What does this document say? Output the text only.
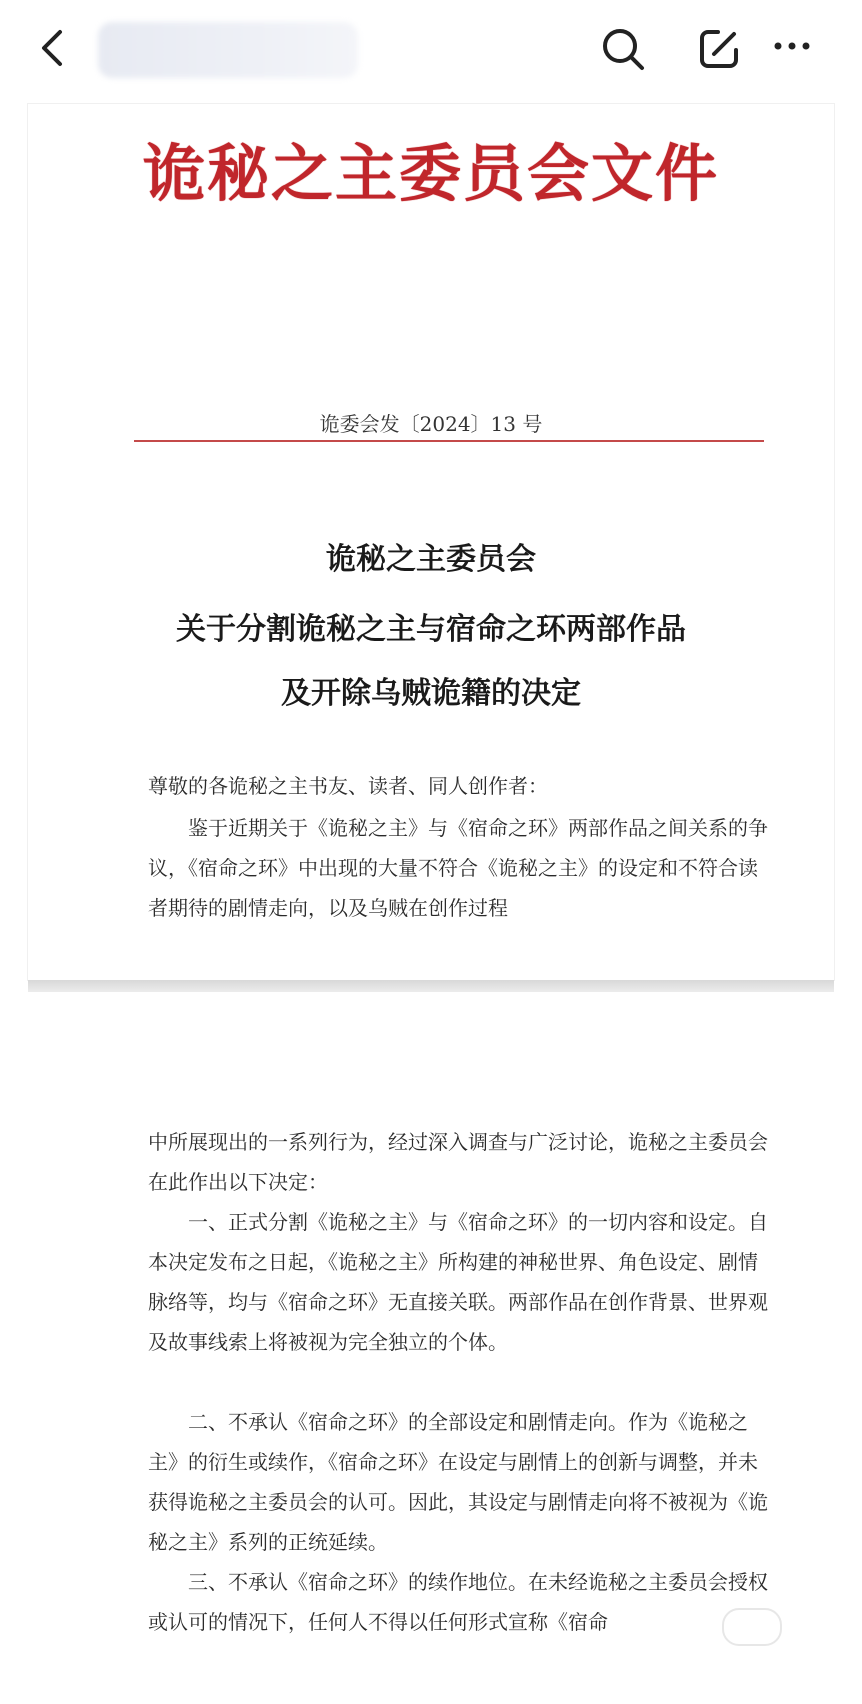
诡秘之主委员会文件
诡委会发〔2024〕13 号
诡秘之主委员会
关于分割诡秘之主与宿命之环两部作品
及开除乌贼诡籍的决定
尊敬的各诡秘之主书友、读者、同人创作者：
鉴于近期关于《诡秘之主》与《宿命之环》两部作品之间关系的争议，《宿命之环》中出现的大量不符合《诡秘之主》的设定和不符合读者期待的剧情走向，以及乌贼在创作过程
中所展现出的一系列行为，经过深入调查与广泛讨论，诡秘之主委员会在此作出以下决定：
一、正式分割《诡秘之主》与《宿命之环》的一切内容和设定。自本决定发布之日起，《诡秘之主》所构建的神秘世界、角色设定、剧情脉络等，均与《宿命之环》无直接关联。两部作品在创作背景、世界观及故事线索上将被视为完全独立的个体。
二、不承认《宿命之环》的全部设定和剧情走向。作为《诡秘之主》的衍生或续作，《宿命之环》在设定与剧情上的创新与调整，并未获得诡秘之主委员会的认可。因此，其设定与剧情走向将不被视为《诡秘之主》系列的正统延续。
三、不承认《宿命之环》的续作地位。在未经诡秘之主委员会授权或认可的情况下，任何人不得以任何形式宣称《宿命
